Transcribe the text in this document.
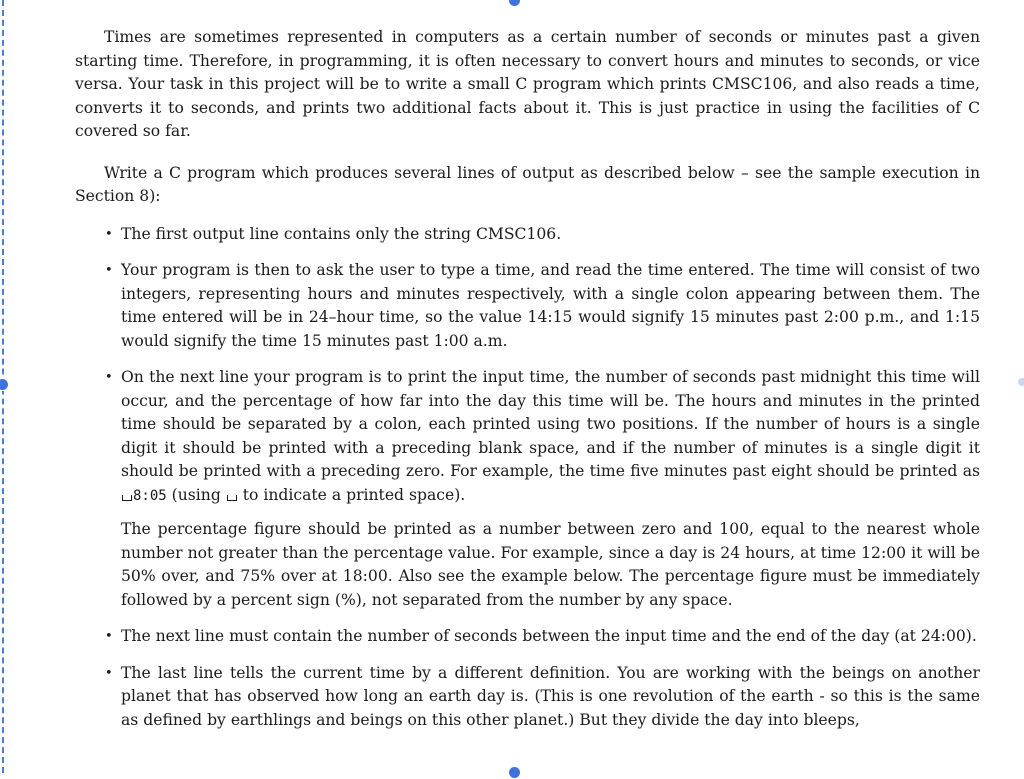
Times are sometimes represented in computers as a certain number of seconds or minutes past a given starting time. Therefore, in programming, it is often necessary to convert hours and minutes to seconds, or vice versa. Your task in this project will be to write a small C program which prints CMSC106, and also reads a time, converts it to seconds, and prints two additional facts about it. This is just practice in using the facilities of C covered so far.

Write a C program which produces several lines of output as described below – see the sample execution in Section 8):

• The first output line contains only the string CMSC106.

• Your program is then to ask the user to type a time, and read the time entered. The time will consist of two integers, representing hours and minutes respectively, with a single colon appearing between them. The time entered will be in 24–hour time, so the value 14:15 would signify 15 minutes past 2:00 p.m., and 1:15 would signify the time 15 minutes past 1:00 a.m.

• On the next line your program is to print the input time, the number of seconds past midnight this time will occur, and the percentage of how far into the day this time will be. The hours and minutes in the printed time should be separated by a colon, each printed using two positions. If the number of hours is a single digit it should be printed with a preceding blank space, and if the number of minutes is a single digit it should be printed with a preceding zero. For example, the time five minutes past eight should be printed as 8:05 (using  to indicate a printed space).

The percentage figure should be printed as a number between zero and 100, equal to the nearest whole number not greater than the percentage value. For example, since a day is 24 hours, at time 12:00 it will be 50% over, and 75% over at 18:00. Also see the example below. The percentage figure must be immediately followed by a percent sign (%), not separated from the number by any space.

• The next line must contain the number of seconds between the input time and the end of the day (at 24:00).

• The last line tells the current time by a different definition. You are working with the beings on another planet that has observed how long an earth day is. (This is one revolution of the earth - so this is the same as defined by earthlings and beings on this other planet.) But they divide the day into bleeps,
